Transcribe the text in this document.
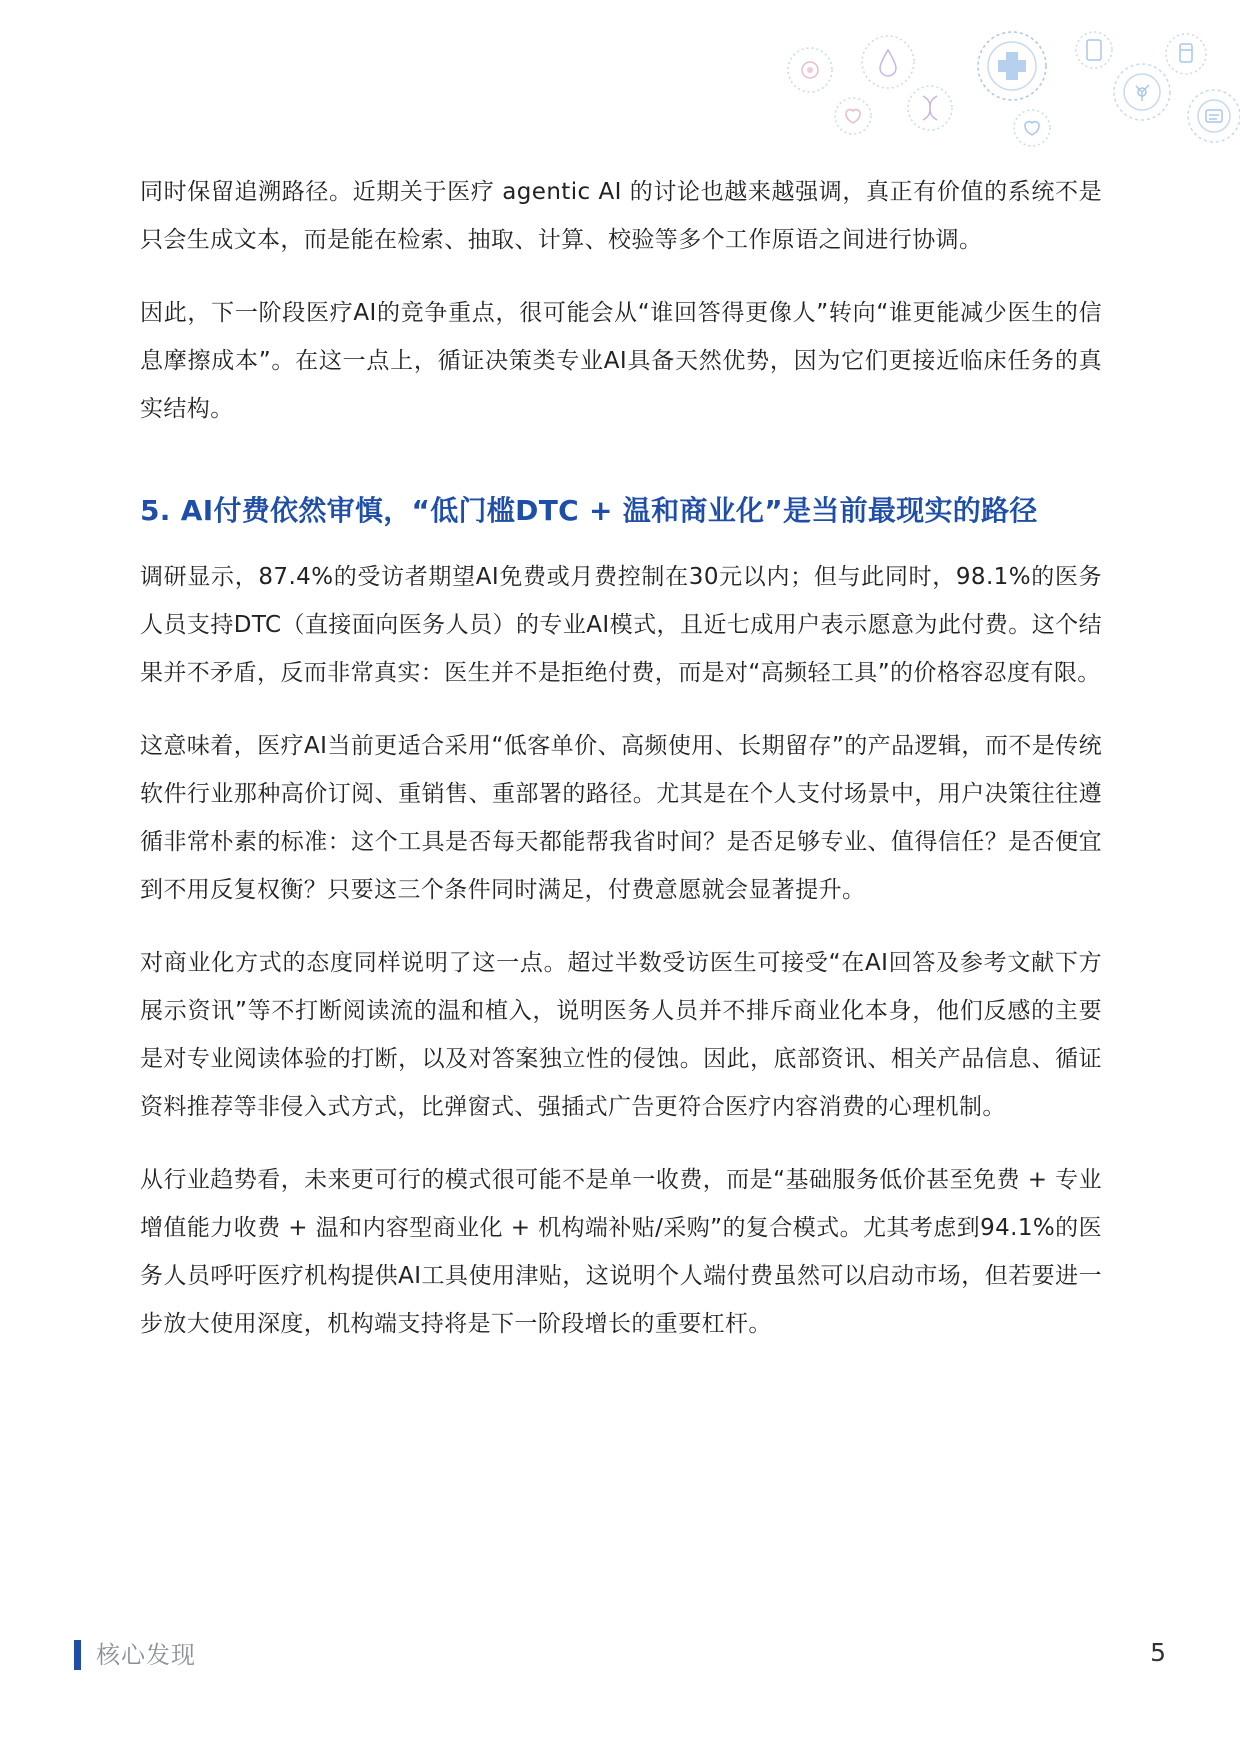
同时保留追溯路径。近期关于医疗 agentic AI 的讨论也越来越强调，真正有价值的系统不是只会生成文本，而是能在检索、抽取、计算、校验等多个工作原语之间进行协调。

因此，下一阶段医疗AI的竞争重点，很可能会从“谁回答得更像人”转向“谁更能减少医生的信息摩擦成本”。在这一点上，循证决策类专业AI具备天然优势，因为它们更接近临床任务的真实结构。

5. AI付费依然审慎，“低门槛DTC + 温和商业化”是当前最现实的路径

调研显示，87.4%的受访者期望AI免费或月费控制在30元以内；但与此同时，98.1%的医务人员支持DTC（直接面向医务人员）的专业AI模式，且近七成用户表示愿意为此付费。这个结果并不矛盾，反而非常真实：医生并不是拒绝付费，而是对“高频轻工具”的价格容忍度有限。

这意味着，医疗AI当前更适合采用“低客单价、高频使用、长期留存”的产品逻辑，而不是传统软件行业那种高价订阅、重销售、重部署的路径。尤其是在个人支付场景中，用户决策往往遵循非常朴素的标准：这个工具是否每天都能帮我省时间？是否足够专业、值得信任？是否便宜到不用反复权衡？只要这三个条件同时满足，付费意愿就会显著提升。

对商业化方式的态度同样说明了这一点。超过半数受访医生可接受“在AI回答及参考文献下方展示资讯”等不打断阅读流的温和植入，说明医务人员并不排斥商业化本身，他们反感的主要是对专业阅读体验的打断，以及对答案独立性的侵蚀。因此，底部资讯、相关产品信息、循证资料推荐等非侵入式方式，比弹窗式、强插式广告更符合医疗内容消费的心理机制。

从行业趋势看，未来更可行的模式很可能不是单一收费，而是“基础服务低价甚至免费 + 专业增值能力收费 + 温和内容型商业化 + 机构端补贴/采购”的复合模式。尤其考虑到94.1%的医务人员呼吁医疗机构提供AI工具使用津贴，这说明个人端付费虽然可以启动市场，但若要进一步放大使用深度，机构端支持将是下一阶段增长的重要杠杆。

核心发现	5
